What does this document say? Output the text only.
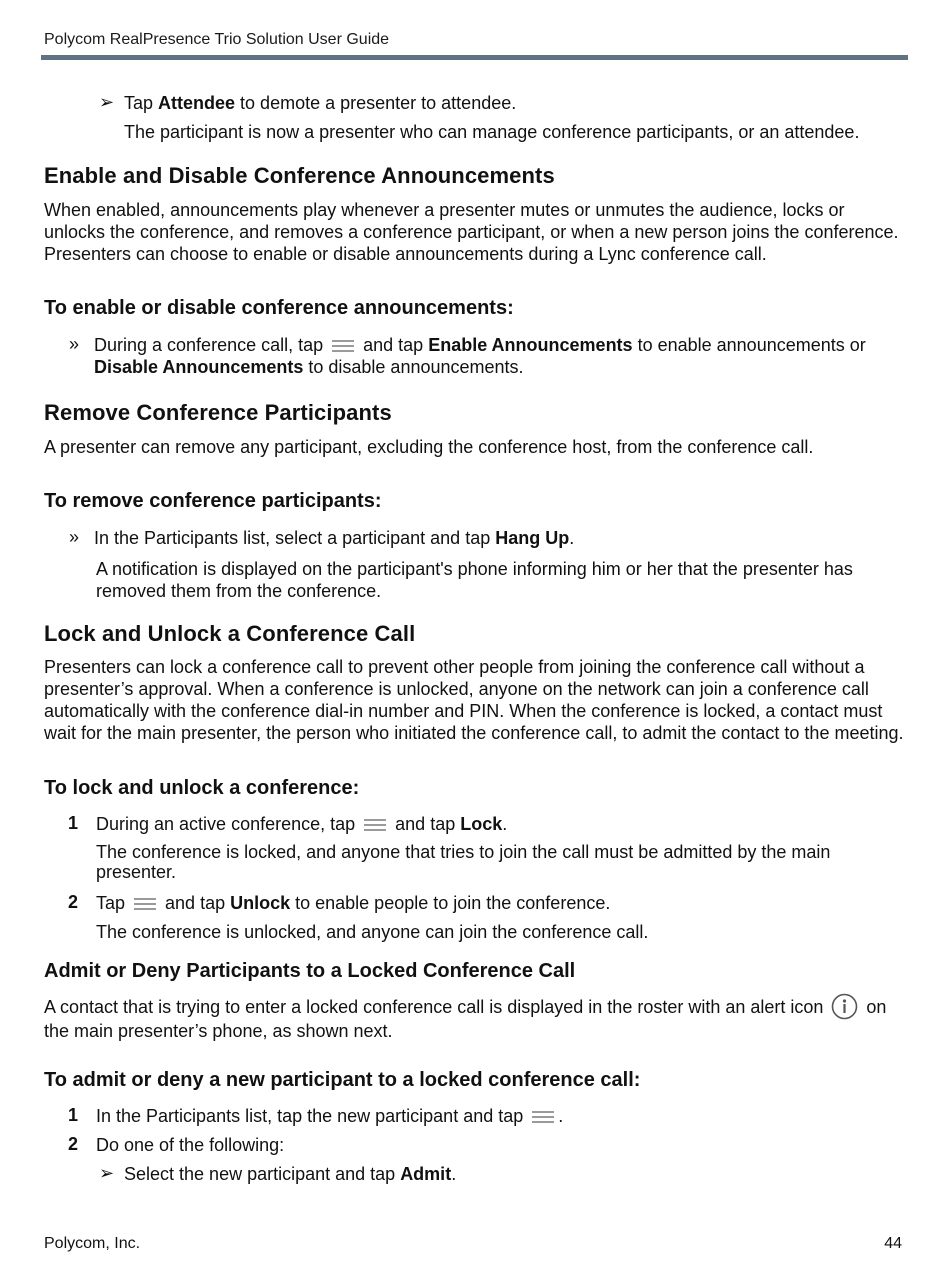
Polycom RealPresence Trio Solution User Guide
➢ Tap Attendee to demote a presenter to attendee.
The participant is now a presenter who can manage conference participants, or an attendee.
Enable and Disable Conference Announcements
When enabled, announcements play whenever a presenter mutes or unmutes the audience, locks or unlocks the conference, and removes a conference participant, or when a new person joins the conference. Presenters can choose to enable or disable announcements during a Lync conference call.
To enable or disable conference announcements:
» During a conference call, tap  and tap Enable Announcements to enable announcements or Disable Announcements to disable announcements.
Remove Conference Participants
A presenter can remove any participant, excluding the conference host, from the conference call.
To remove conference participants:
» In the Participants list, select a participant and tap Hang Up.
A notification is displayed on the participant's phone informing him or her that the presenter has removed them from the conference.
Lock and Unlock a Conference Call
Presenters can lock a conference call to prevent other people from joining the conference call without a presenter’s approval. When a conference is unlocked, anyone on the network can join a conference call automatically with the conference dial-in number and PIN. When the conference is locked, a contact must wait for the main presenter, the person who initiated the conference call, to admit the contact to the meeting.
To lock and unlock a conference:
1 During an active conference, tap  and tap Lock.
The conference is locked, and anyone that tries to join the call must be admitted by the main presenter.
2 Tap  and tap Unlock to enable people to join the conference.
The conference is unlocked, and anyone can join the conference call.
Admit or Deny Participants to a Locked Conference Call
A contact that is trying to enter a locked conference call is displayed in the roster with an alert icon  on the main presenter’s phone, as shown next.
To admit or deny a new participant to a locked conference call:
1 In the Participants list, tap the new participant and tap .
2 Do one of the following:
➢ Select the new participant and tap Admit.
Polycom, Inc.	44
